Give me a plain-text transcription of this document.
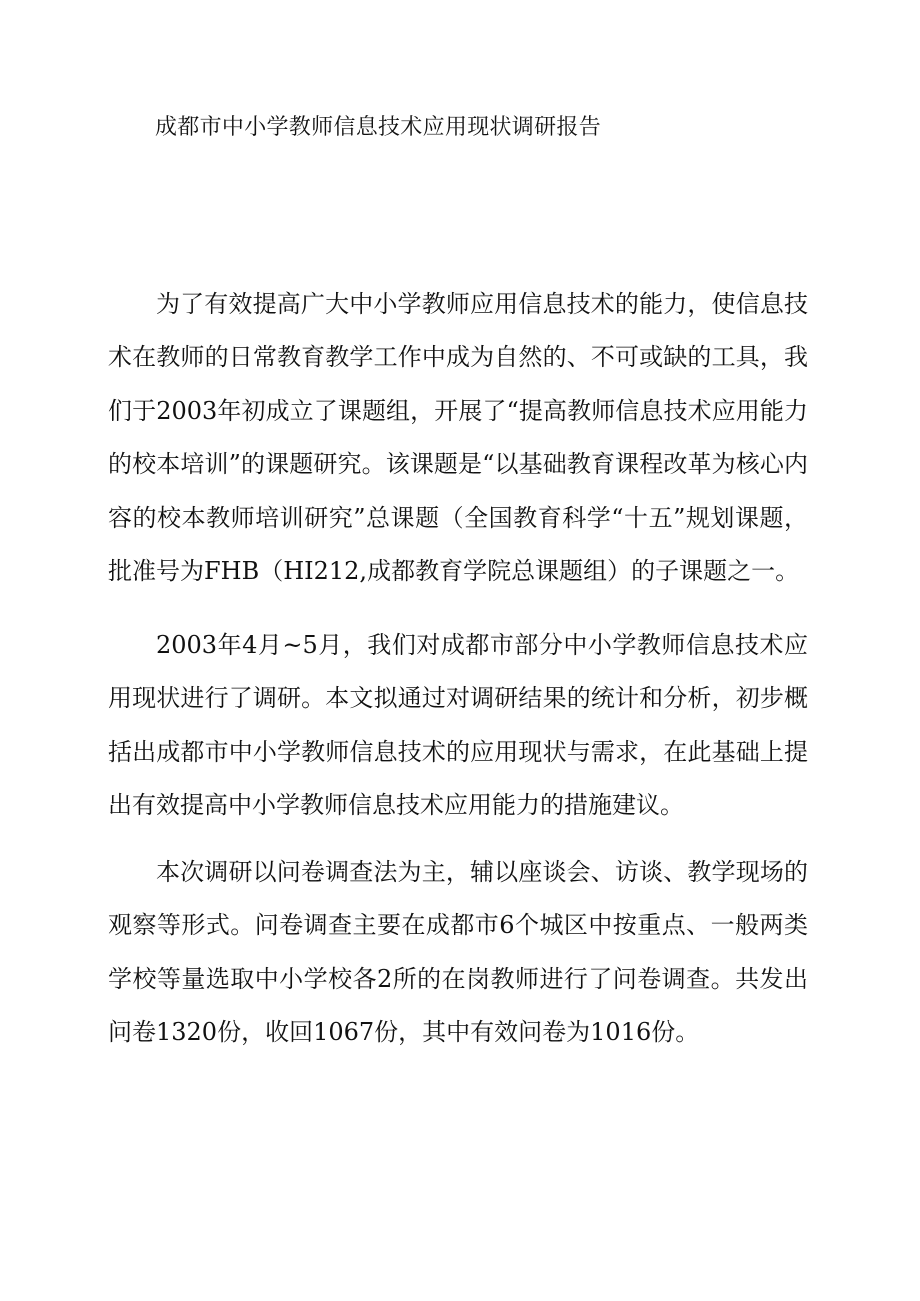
成都市中小学教师信息技术应用现状调研报告

为了有效提高广大中小学教师应用信息技术的能力，使信息技术在教师的日常教育教学工作中成为自然的、不可或缺的工具，我们于2003年初成立了课题组，开展了“提高教师信息技术应用能力的校本培训”的课题研究。该课题是“以基础教育课程改革为核心内容的校本教师培训研究”总课题（全国教育科学“十五”规划课题，批准号为FHB（HI212,成都教育学院总课题组）的子课题之一。

2003年4月~5月，我们对成都市部分中小学教师信息技术应用现状进行了调研。本文拟通过对调研结果的统计和分析，初步概括出成都市中小学教师信息技术的应用现状与需求，在此基础上提出有效提高中小学教师信息技术应用能力的措施建议。

本次调研以问卷调查法为主，辅以座谈会、访谈、教学现场的观察等形式。问卷调查主要在成都市6个城区中按重点、一般两类学校等量选取中小学校各2所的在岗教师进行了问卷调查。共发出问卷1320份，收回1067份，其中有效问卷为1016份。
